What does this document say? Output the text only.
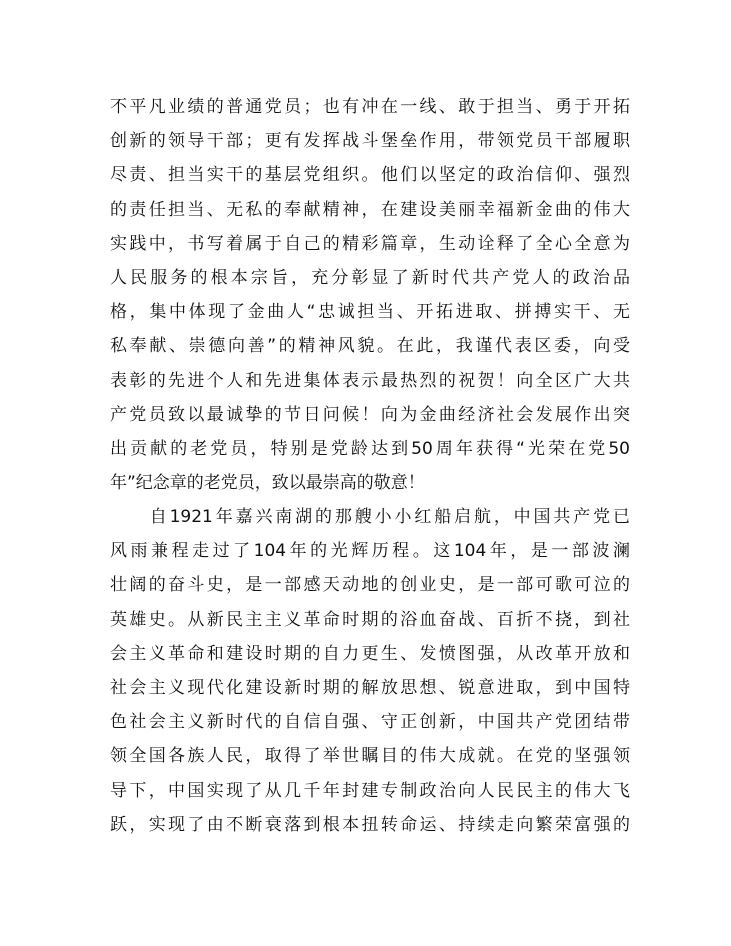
不平凡业绩的普通党员；也有冲在一线、敢于担当、勇于开拓
创新的领导干部；更有发挥战斗堡垒作用，带领党员干部履职
尽责、担当实干的基层党组织。他们以坚定的政治信仰、强烈
的责任担当、无私的奉献精神，在建设美丽幸福新金曲的伟大
实践中，书写着属于自己的精彩篇章，生动诠释了全心全意为
人民服务的根本宗旨，充分彰显了新时代共产党人的政治品
格，集中体现了金曲人“忠诚担当、开拓进取、拼搏实干、无
私奉献、崇德向善”的精神风貌。在此，我谨代表区委，向受
表彰的先进个人和先进集体表示最热烈的祝贺！向全区广大共
产党员致以最诚挚的节日问候！向为金曲经济社会发展作出突
出贡献的老党员，特别是党龄达到50周年获得“光荣在党50
年”纪念章的老党员，致以最崇高的敬意！
　　自1921年嘉兴南湖的那艘小小红船启航，中国共产党已
风雨兼程走过了104年的光辉历程。这104年，是一部波澜
壮阔的奋斗史，是一部感天动地的创业史，是一部可歌可泣的
英雄史。从新民主主义革命时期的浴血奋战、百折不挠，到社
会主义革命和建设时期的自力更生、发愤图强，从改革开放和
社会主义现代化建设新时期的解放思想、锐意进取，到中国特
色社会主义新时代的自信自强、守正创新，中国共产党团结带
领全国各族人民，取得了举世瞩目的伟大成就。在党的坚强领
导下，中国实现了从几千年封建专制政治向人民民主的伟大飞
跃，实现了由不断衰落到根本扭转命运、持续走向繁荣富强的
